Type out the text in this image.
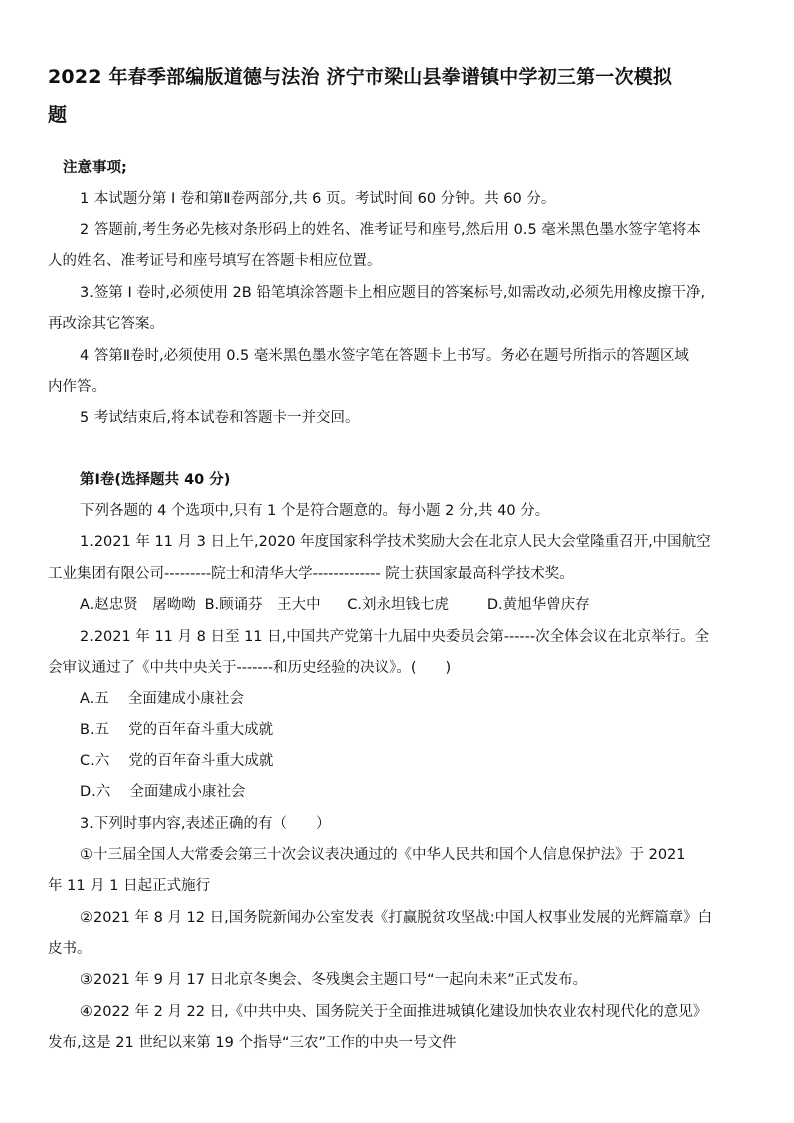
2022 年春季部编版道德与法治 济宁市梁山县拳谱镇中学初三第一次模拟
题
注意事项;
1 本试题分第 I 卷和第Ⅱ卷两部分,共 6 页。考试时间 60 分钟。共 60 分。
2 答题前,考生务必先核对条形码上的姓名、准考证号和座号,然后用 0.5 毫米黑色墨水签字笔将本
人的姓名、准考证号和座号填写在答题卡相应位置。
3.签第 I 卷时,必须使用 2B 铅笔填涂答题卡上相应题目的答案标号,如需改动,必须先用橡皮擦干净,
再改涂其它答案。
4 答第Ⅱ卷时,必须使用 0.5 毫米黑色墨水签字笔在答题卡上书写。务必在题号所指示的答题区域
内作答。
5 考试结束后,将本试卷和答题卡一并交回。
第Ⅰ卷(选择题共 40 分)
下列各题的 4 个选项中,只有 1 个是符合题意的。每小题 2 分,共 40 分。
1.2021 年 11 月 3 日上午,2020 年度国家科学技术奖励大会在北京人民大会堂隆重召开,中国航空
工业集团有限公司---------院士和清华大学------------- 院士获国家最高科学技术奖。
A.赵忠贤　屠呦呦 B.顾诵芬　王大中 C.刘永坦钱七虎	D.黄旭华曾庆存
2.2021 年 11 月 8 日至 11 日,中国共产党第十九届中央委员会第------次全体会议在北京举行。全
会审议通过了《中共中央关于-------和历史经验的决议》。(　　)
A.五　 全面建成小康社会
B.五　 党的百年奋斗重大成就
C.六　 党的百年奋斗重大成就
D.六　 全面建成小康社会
3.下列时事内容,表述正确的有（　　）
①十三届全国人大常委会第三十次会议表决通过的《中华人民共和国个人信息保护法》于 2021
年 11 月 1 日起正式施行
②2021 年 8 月 12 日,国务院新闻办公室发表《打赢脱贫攻坚战:中国人权事业发展的光辉篇章》白
皮书。
③2021 年 9 月 17 日北京冬奥会、冬残奥会主题口号“一起向未来”正式发布。
④2022 年 2 月 22 日,《中共中央、国务院关于全面推进城镇化建设加快农业农村现代化的意见》
发布,这是 21 世纪以来第 19 个指导“三农”工作的中央一号文件
